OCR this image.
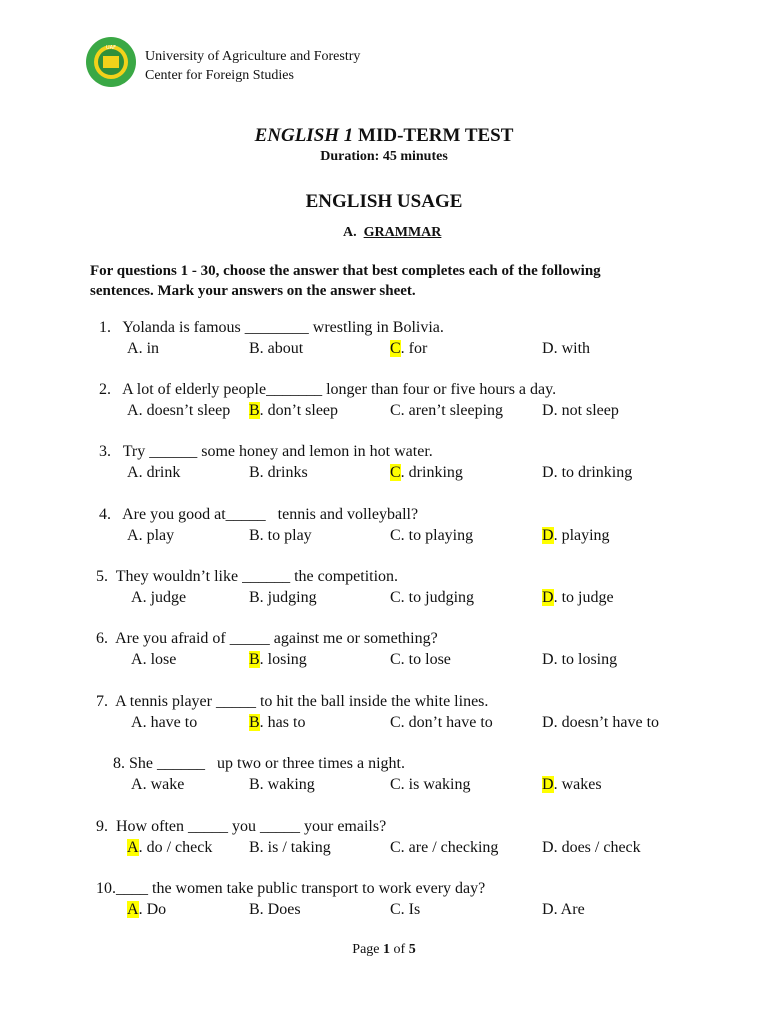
UAF
University of Agriculture and Forestry
Center for Foreign Studies
ENGLISH 1 MID-TERM TEST
Duration: 45 minutes
ENGLISH USAGE
A. GRAMMAR
For questions 1 - 30, choose the answer that best completes each of the following sentences. Mark your answers on the answer sheet.
1.   Yolanda is famous ________ wrestling in Bolivia.
A. in	B. about	C. for	D. with
2.   A lot of elderly people_______ longer than four or five hours a day.
A. doesn’t sleep B. don’t sleep	C. aren’t sleeping D. not sleep
3.   Try ______ some honey and lemon in hot water.
A. drink	B. drinks	C. drinking	D. to drinking
4.   Are you good at_____   tennis and volleyball?
A. play	B. to play	C. to playing	D. playing
5.  They wouldn’t like ______ the competition.
A. judge	B. judging	C. to judging	D. to judge
6.  Are you afraid of _____ against me or something?
A. lose	B. losing	C. to lose	D. to losing
7.  A tennis player _____ to hit the ball inside the white lines.
A. have to	B. has to	C. don’t have to	D. doesn’t have to
8. She ______   up two or three times a night.
A. wake	B. waking	C. is waking	D. wakes
9.  How often _____ you _____ your emails?
A. do / check B. is / taking	C. are / checking	D. does / check
10.____ the women take public transport to work every day?
A. Do	B. Does	C. Is	D. Are
Page 1 of 5
